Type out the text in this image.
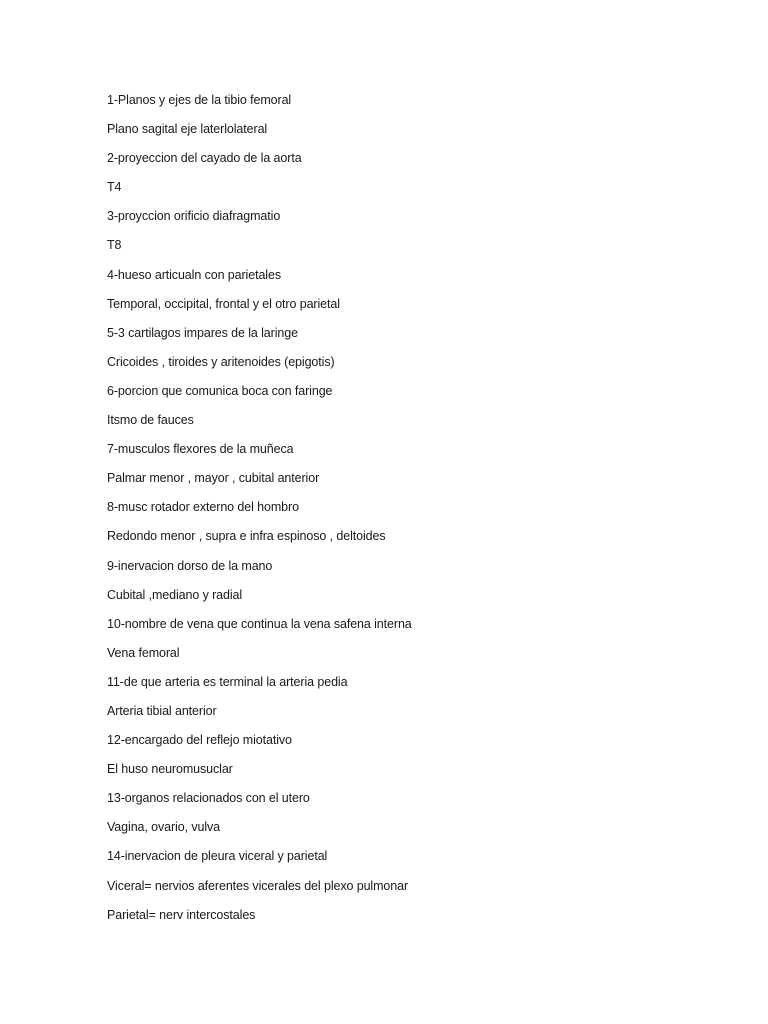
1-Planos y ejes de la tibio femoral
Plano sagital eje laterlolateral
2-proyeccion del cayado de la aorta
T4
3-proyccion orificio diafragmatio
T8
4-hueso articualn con parietales
Temporal, occipital, frontal y el otro parietal
5-3 cartilagos impares de la laringe
Cricoides , tiroides y aritenoides (epigotis)
6-porcion que comunica boca con faringe
Itsmo de fauces
7-musculos flexores de la muñeca
Palmar menor , mayor , cubital anterior
8-musc rotador externo del hombro
Redondo menor , supra e infra espinoso , deltoides
9-inervacion dorso de la mano
Cubital ,mediano y radial
10-nombre de vena que continua la vena safena interna
Vena femoral
11-de que arteria es terminal la arteria pedia
Arteria tibial anterior
12-encargado del reflejo miotativo
El huso neuromusuclar
13-organos relacionados con el utero
Vagina, ovario, vulva
14-inervacion de pleura viceral y parietal
Viceral= nervios aferentes vicerales del plexo pulmonar
Parietal= nerv intercostales
